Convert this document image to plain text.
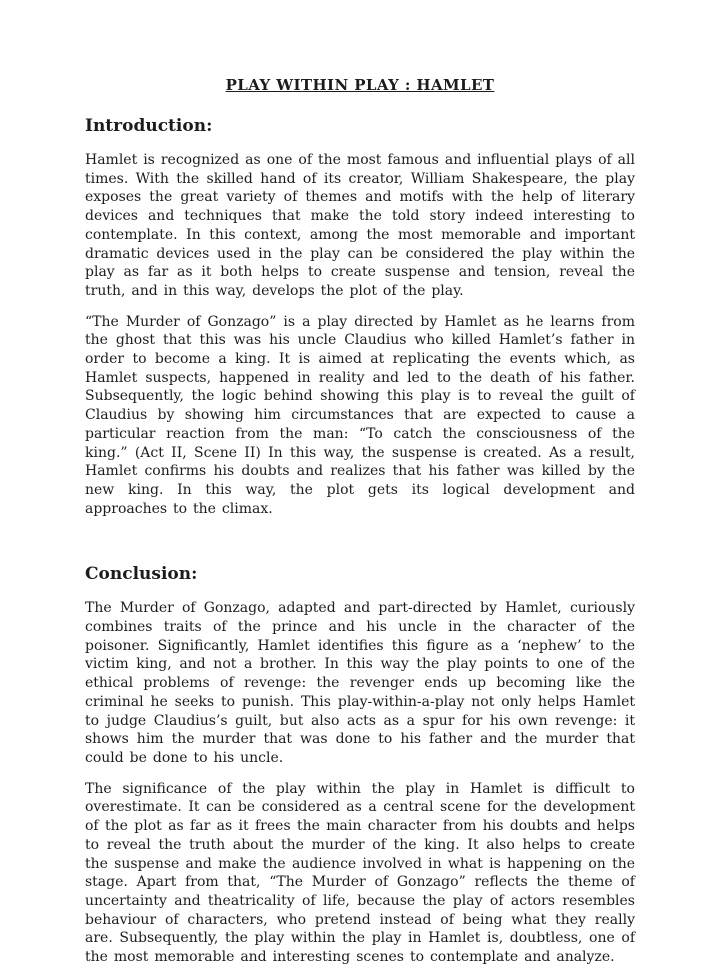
PLAY WITHIN PLAY : HAMLET
Introduction:

Hamlet is recognized as one of the most famous and influential plays of all times. With the skilled hand of its creator, William Shakespeare, the play exposes the great variety of themes and motifs with the help of literary devices and techniques that make the told story indeed interesting to contemplate. In this context, among the most memorable and important dramatic devices used in the play can be considered the play within the play as far as it both helps to create suspense and tension, reveal the truth, and in this way, develops the plot of the play.

“The Murder of Gonzago” is a play directed by Hamlet as he learns from the ghost that this was his uncle Claudius who killed Hamlet’s father in order to become a king. It is aimed at replicating the events which, as Hamlet suspects, happened in reality and led to the death of his father. Subsequently, the logic behind showing this play is to reveal the guilt of Claudius by showing him circumstances that are expected to cause a particular reaction from the man: “To catch the consciousness of the king.” (Act II, Scene II) In this way, the suspense is created. As a result, Hamlet confirms his doubts and realizes that his father was killed by the new king. In this way, the plot gets its logical development and approaches to the climax.

Conclusion:

The Murder of Gonzago, adapted and part-directed by Hamlet, curiously combines traits of the prince and his uncle in the character of the poisoner. Significantly, Hamlet identifies this figure as a ‘nephew’ to the victim king, and not a brother. In this way the play points to one of the ethical problems of revenge: the revenger ends up becoming like the criminal he seeks to punish. This play-within-a-play not only helps Hamlet to judge Claudius’s guilt, but also acts as a spur for his own revenge: it shows him the murder that was done to his father and the murder that could be done to his uncle.

The significance of the play within the play in Hamlet is difficult to overestimate. It can be considered as a central scene for the development of the plot as far as it frees the main character from his doubts and helps to reveal the truth about the murder of the king. It also helps to create the suspense and make the audience involved in what is happening on the stage. Apart from that, “The Murder of Gonzago” reflects the theme of uncertainty and theatricality of life, because the play of actors resembles behaviour of characters, who pretend instead of being what they really are. Subsequently, the play within the play in Hamlet is, doubtless, one of the most memorable and interesting scenes to contemplate and analyze.
